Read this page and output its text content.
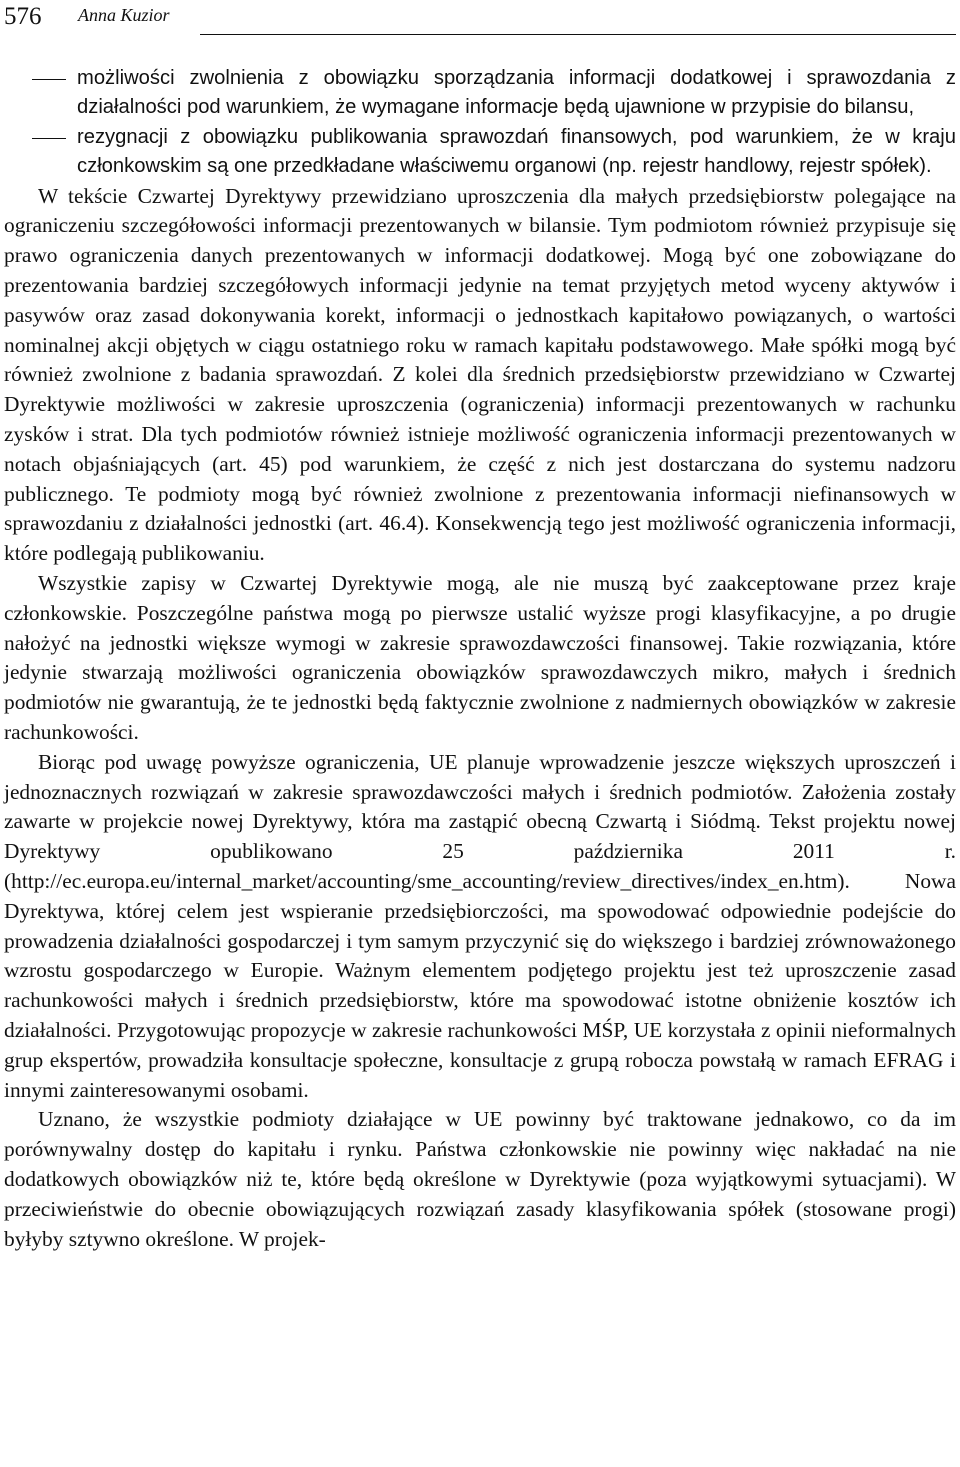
576 Anna Kuzior
możliwości zwolnienia z obowiązku sporządzania informacji dodatkowej i sprawozdania z działalności pod warunkiem, że wymagane informacje będą ujawnione w przypisie do bilansu,
rezygnacji z obowiązku publikowania sprawozdań finansowych, pod warunkiem, że w kraju członkowskim są one przedkładane właściwemu organowi (np. rejestr handlowy, rejestr spółek).

W tekście Czwartej Dyrektywy przewidziano uproszczenia dla małych przedsiębiorstw polegające na ograniczeniu szczegółowości informacji prezentowanych w bilansie. Tym podmiotom również przypisuje się prawo ograniczenia danych prezentowanych w informacji dodatkowej. Mogą być one zobowiązane do prezentowania bardziej szczegółowych informacji jedynie na temat przyjętych metod wyceny aktywów i pasywów oraz zasad dokonywania korekt, informacji o jednostkach kapitałowo powiązanych, o wartości nominalnej akcji objętych w ciągu ostatniego roku w ramach kapitału podstawowego. Małe spółki mogą być również zwolnione z badania sprawozdań. Z kolei dla średnich przedsiębiorstw przewidziano w Czwartej Dyrektywie możliwości w zakresie uproszczenia (ograniczenia) informacji prezentowanych w rachunku zysków i strat. Dla tych podmiotów również istnieje możliwość ograniczenia informacji prezentowanych w notach objaśniających (art. 45) pod warunkiem, że część z nich jest dostarczana do systemu nadzoru publicznego. Te podmioty mogą być również zwolnione z prezentowania informacji niefinansowych w sprawozdaniu z działalności jednostki (art. 46.4). Konsekwencją tego jest możliwość ograniczenia informacji, które podlegają publikowaniu.

Wszystkie zapisy w Czwartej Dyrektywie mogą, ale nie muszą być zaakceptowane przez kraje członkowskie. Poszczególne państwa mogą po pierwsze ustalić wyższe progi klasyfikacyjne, a po drugie nałożyć na jednostki większe wymogi w zakresie sprawozdawczości finansowej. Takie rozwiązania, które jedynie stwarzają możliwości ograniczenia obowiązków sprawozdawczych mikro, małych i średnich podmiotów nie gwarantują, że te jednostki będą faktycznie zwolnione z nadmiernych obowiązków w zakresie rachunkowości.

Biorąc pod uwagę powyższe ograniczenia, UE planuje wprowadzenie jeszcze większych uproszczeń i jednoznacznych rozwiązań w zakresie sprawozdawczości małych i średnich podmiotów. Założenia zostały zawarte w projekcie nowej Dyrektywy, która ma zastąpić obecną Czwartą i Siódmą. Tekst projektu nowej Dyrektywy opublikowano 25 października 2011 r. (http://ec.europa.eu/internal_market/accounting/sme_accounting/review_directives/index_en.htm). Nowa Dyrektywa, której celem jest wspieranie przedsiębiorczości, ma spowodować odpowiednie podejście do prowadzenia działalności gospodarczej i tym samym przyczynić się do większego i bardziej zrównoważonego wzrostu gospodarczego w Europie. Ważnym elementem podjętego projektu jest też uproszczenie zasad rachunkowości małych i średnich przedsiębiorstw, które ma spowodować istotne obniżenie kosztów ich działalności. Przygotowując propozycje w zakresie rachunkowości MŚP, UE korzystała z opinii nieformalnych grup ekspertów, prowadziła konsultacje społeczne, konsultacje z grupą robocza powstałą w ramach EFRAG i innymi zainteresowanymi osobami.

Uznano, że wszystkie podmioty działające w UE powinny być traktowane jednakowo, co da im porównywalny dostęp do kapitału i rynku. Państwa członkowskie nie powinny więc nakładać na nie dodatkowych obowiązków niż te, które będą określone w Dyrektywie (poza wyjątkowymi sytuacjami). W przeciwieństwie do obecnie obowiązujących rozwiązań zasady klasyfikowania spółek (stosowane progi) byłyby sztywno określone. W projek-
